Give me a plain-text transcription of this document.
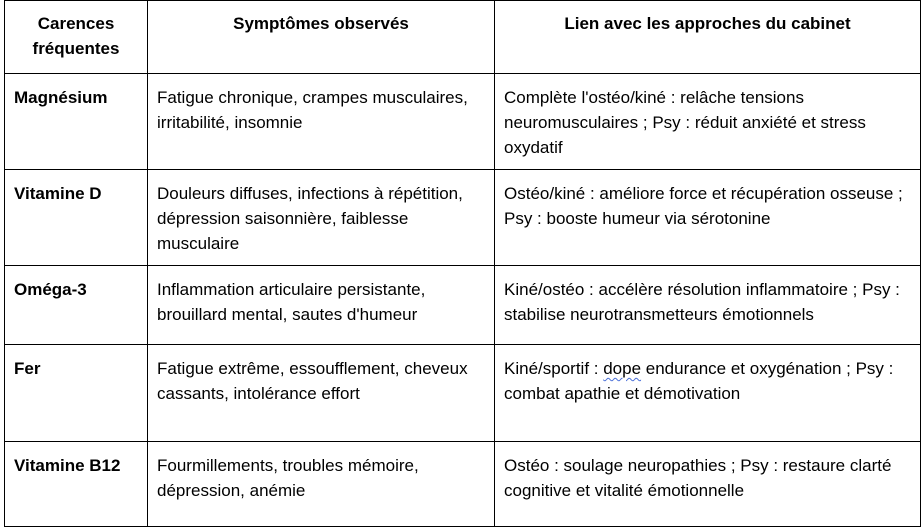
Carences fréquentes	Symptômes observés	Lien avec les approches du cabinet
Magnésium	Fatigue chronique, crampes musculaires, irritabilité, insomnie	Complète l'ostéo/kiné : relâche tensions neuromusculaires ; Psy : réduit anxiété et stress oxydatif
Vitamine D	Douleurs diffuses, infections à répétition, dépression saisonnière, faiblesse musculaire	Ostéo/kiné : améliore force et récupération osseuse ; Psy : booste humeur via sérotonine
Oméga-3	Inflammation articulaire persistante, brouillard mental, sautes d'humeur	Kiné/ostéo : accélère résolution inflammatoire ; Psy : stabilise neurotransmetteurs émotionnels
Fer	Fatigue extrême, essoufflement, cheveux cassants, intolérance effort	Kiné/sportif : dope endurance et oxygénation ; Psy : combat apathie et démotivation
Vitamine B12	Fourmillements, troubles mémoire, dépression, anémie	Ostéo : soulage neuropathies ; Psy : restaure clarté cognitive et vitalité émotionnelle
